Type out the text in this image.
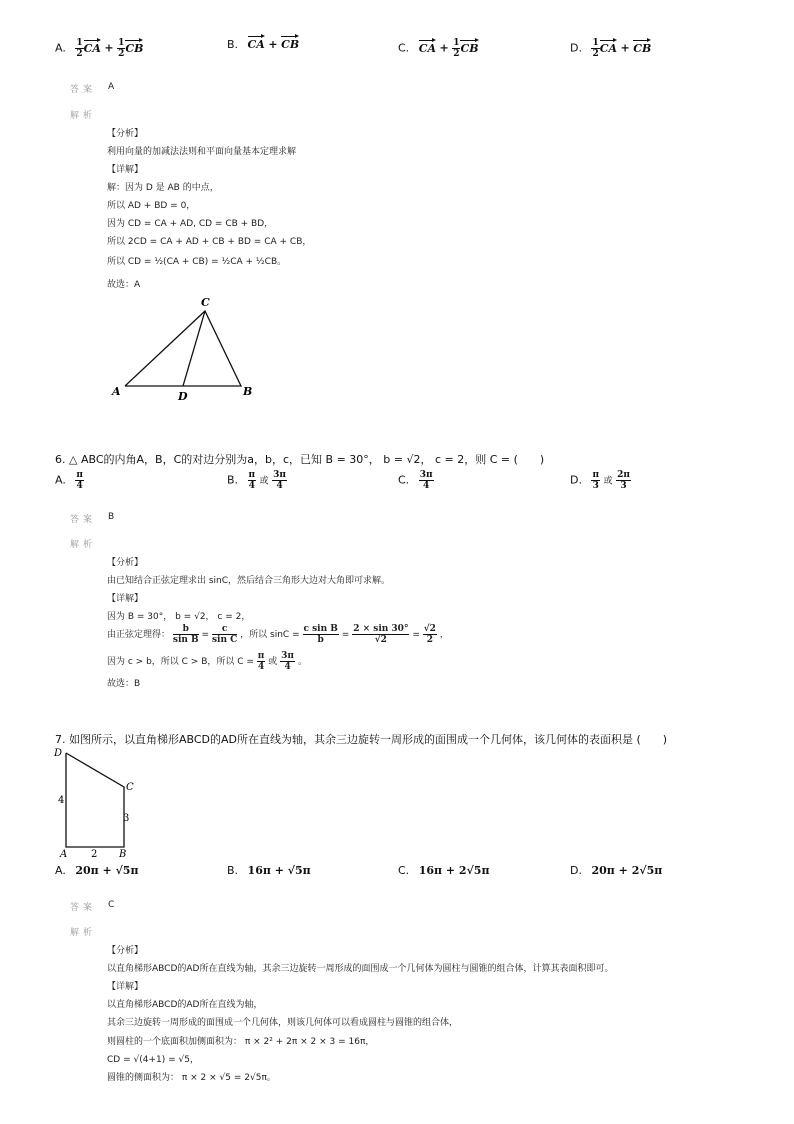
A. $\frac{1}{2}$ CA + $\frac{1}{2}$ CB	B. CA + CB	C. CA + $\frac{1}{2}$ CB	D. $\frac{1}{2}$ CA + CB
答案 A
解析
【分析】
利用向量的加减法法则和平面向量基本定理求解
【详解】
解：因为 D 是 AB 的中点，
所以 AD + BD = 0，
因为 CD = CA + AD, CD = CB + BD，
所以 2CD = CA + AD + CB + BD = CA + CB，
所以 CD = ½(CA + CB) = ½CA + ½CB。
故选：A
C
A	D	B
6. △ ABC的内角A，B，C的对边分别为a，b，c，已知 B = 30°， b = √2， c = 2，则 C = (　　)
A. $\frac{\pi}{4}$	B. $\frac{\pi}{4}$ 或 $\frac{3\pi}{4}$	C. $\frac{3\pi}{4}$	D. $\frac{\pi}{3}$ 或 $\frac{2\pi}{3}$
答案 B
解析
【分析】
由已知结合正弦定理求出 sinC，然后结合三角形大边对大角即可求解。
【详解】
因为 B = 30°， b = √2， c = 2，
由正弦定理得： $\frac{b}{\text{sin B}} = \frac{c}{\text{sin C}}$ ，所以 $\sin C = \frac{\text{c sin B}}{b} = \frac{2 \times \sin 30^\circ}{√2} = \frac{√2}{2}$ ，
因为 c > b，所以 C > B，所以 $C = \frac{\pi}{4}$ 或 $\frac{3\pi}{4}$ 。
故选：B
7. 如图所示，以直角梯形ABCD的AD所在直线为轴，其余三边旋转一周形成的面围成一个几何体，该几何体的表面积是 (　　)
D
C
A	B
4
3
2
A. 20π + √5π	B. 16π + √5π	C. 16π + 2√5π	D. 20π + 2√5π
答案 C
解析
【分析】
以直角梯形ABCD的AD所在直线为轴，其余三边旋转一周形成的面围成一个几何体为圆柱与圆锥的组合体，计算其表面积即可。
【详解】
以直角梯形ABCD的AD所在直线为轴，
其余三边旋转一周形成的面围成一个几何体，则该几何体可以看成圆柱与圆锥的组合体，
则圆柱的一个底面积加侧面积为： π × 2² + 2π × 2 × 3 = 16π，
CD = √(4+1) = √5，
圆锥的侧面积为： π × 2 × √5 = 2√5π。
